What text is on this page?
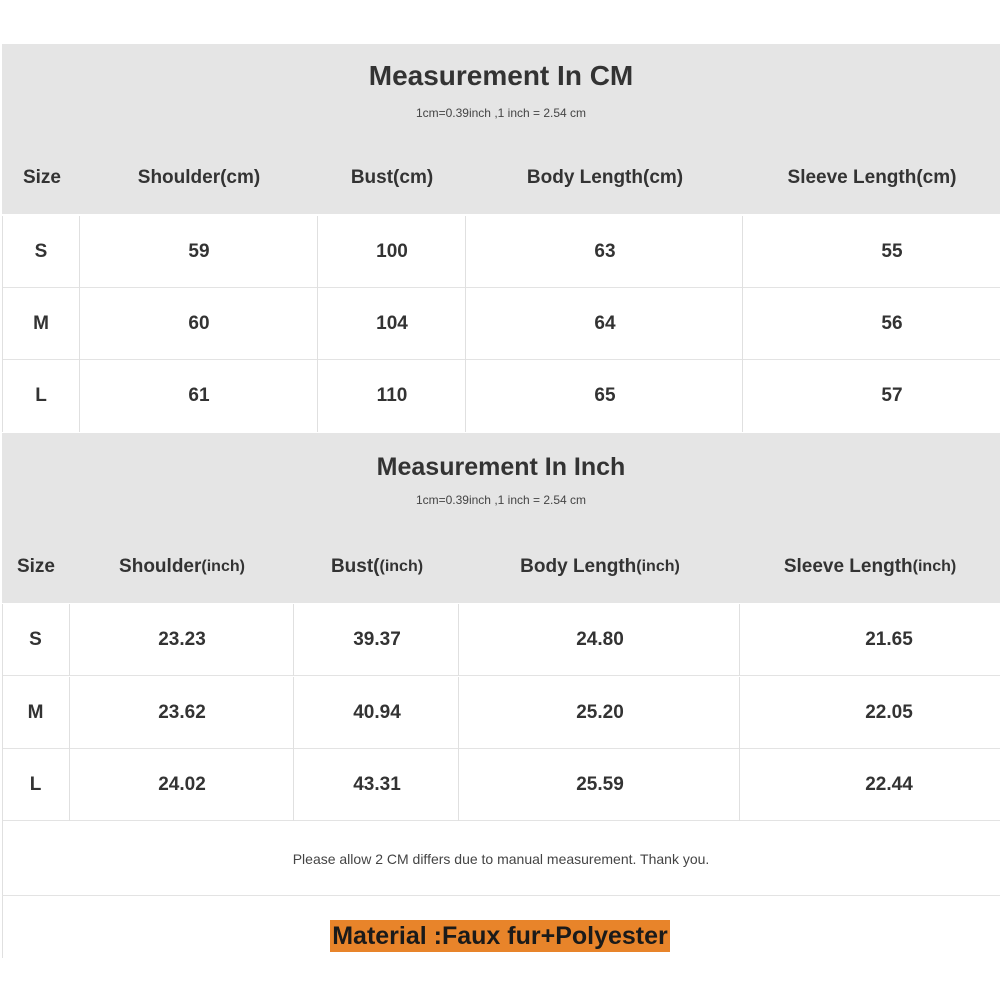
Measurement In CM
1cm=0.39inch ,1 inch = 2.54 cm
Size	Shoulder(cm)	Bust(cm)	Body Length(cm)	Sleeve Length(cm)
S	59	100	63	55
M	60	104	64	56
L	61	110	65	57
Measurement In Inch
1cm=0.39inch ,1 inch = 2.54 cm
Size	Shoulder (inch)	Bust( (inch)	Body Length (inch)	Sleeve Length (inch)
S	23.23	39.37	24.80	21.65
M	23.62	40.94	25.20	22.05
L	24.02	43.31	25.59	22.44
Please allow 2 CM differs due to manual measurement. Thank you.
Material :Faux fur+Polyester
